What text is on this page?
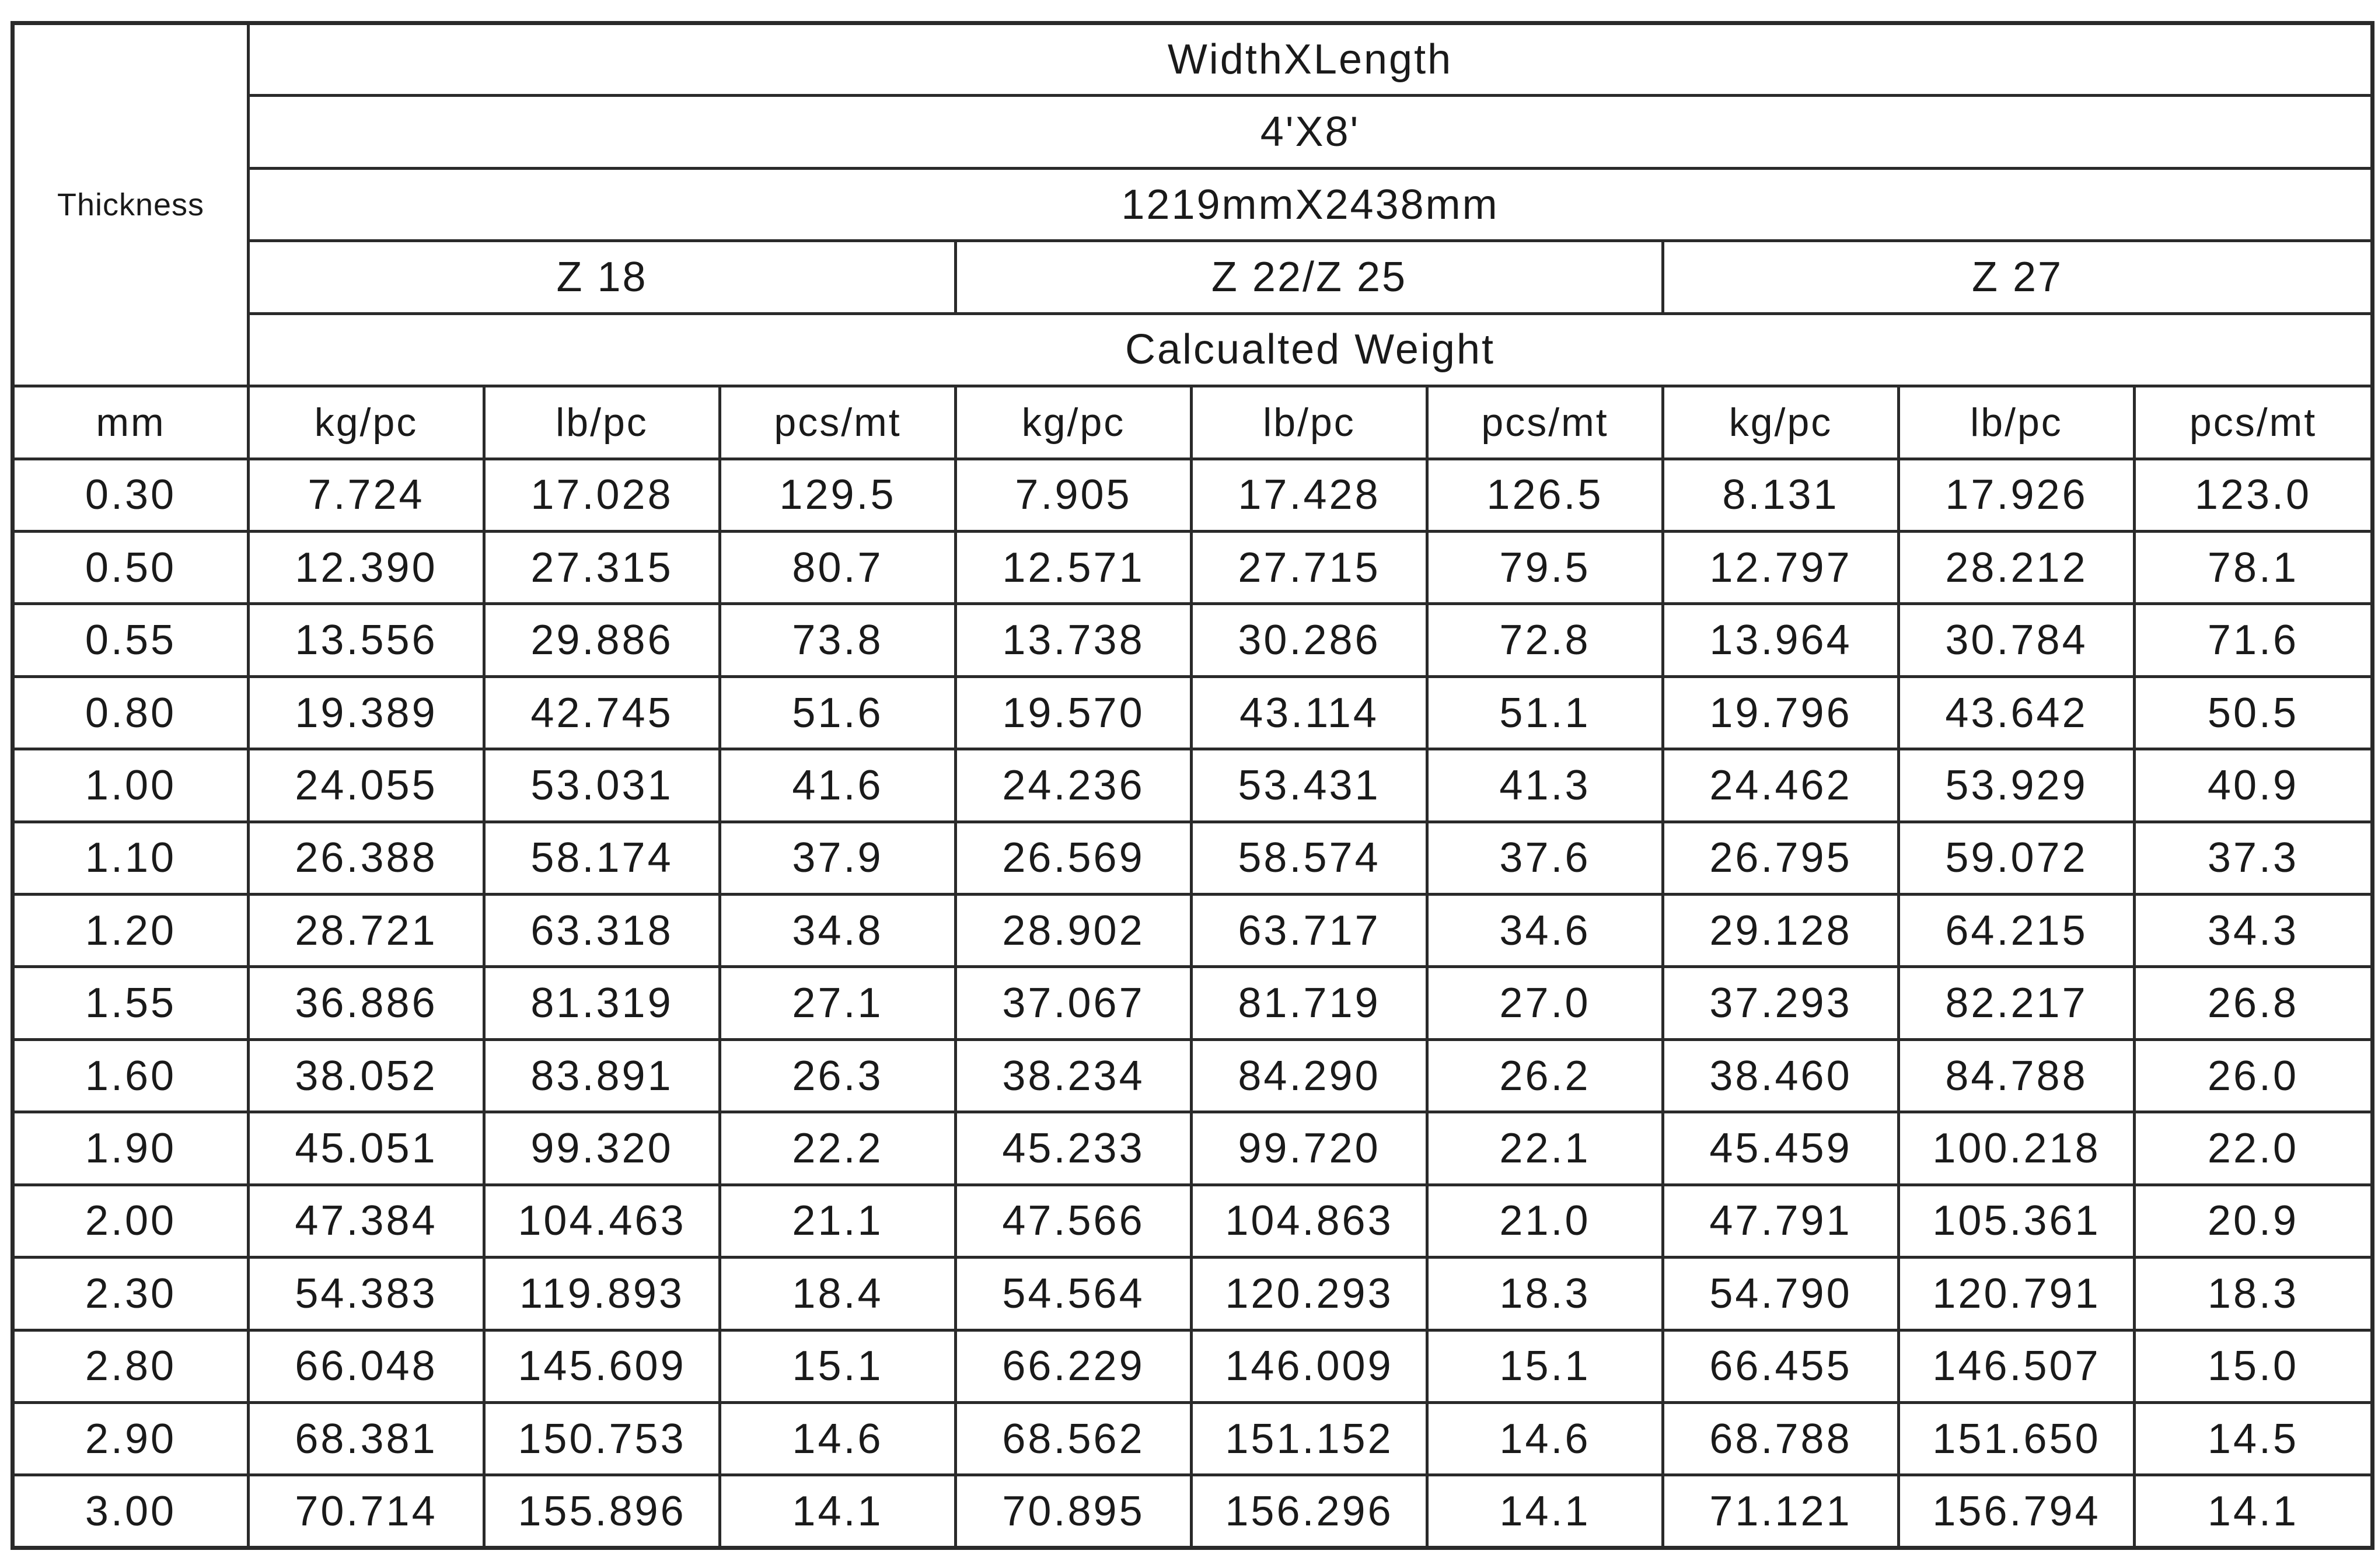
Thickness	WidthXLength								
	4'X8'								
	1219mmX2438mm								
	Z 18			Z 22/Z 25			Z 27		
	Calcualted Weight								
mm	kg/pc	lb/pc	pcs/mt	kg/pc	lb/pc	pcs/mt	kg/pc	lb/pc	pcs/mt
0.30	7.724	17.028	129.5	7.905	17.428	126.5	8.131	17.926	123.0
0.50	12.390	27.315	80.7	12.571	27.715	79.5	12.797	28.212	78.1
0.55	13.556	29.886	73.8	13.738	30.286	72.8	13.964	30.784	71.6
0.80	19.389	42.745	51.6	19.570	43.114	51.1	19.796	43.642	50.5
1.00	24.055	53.031	41.6	24.236	53.431	41.3	24.462	53.929	40.9
1.10	26.388	58.174	37.9	26.569	58.574	37.6	26.795	59.072	37.3
1.20	28.721	63.318	34.8	28.902	63.717	34.6	29.128	64.215	34.3
1.55	36.886	81.319	27.1	37.067	81.719	27.0	37.293	82.217	26.8
1.60	38.052	83.891	26.3	38.234	84.290	26.2	38.460	84.788	26.0
1.90	45.051	99.320	22.2	45.233	99.720	22.1	45.459	100.218	22.0
2.00	47.384	104.463	21.1	47.566	104.863	21.0	47.791	105.361	20.9
2.30	54.383	119.893	18.4	54.564	120.293	18.3	54.790	120.791	18.3
2.80	66.048	145.609	15.1	66.229	146.009	15.1	66.455	146.507	15.0
2.90	68.381	150.753	14.6	68.562	151.152	14.6	68.788	151.650	14.5
3.00	70.714	155.896	14.1	70.895	156.296	14.1	71.121	156.794	14.1
